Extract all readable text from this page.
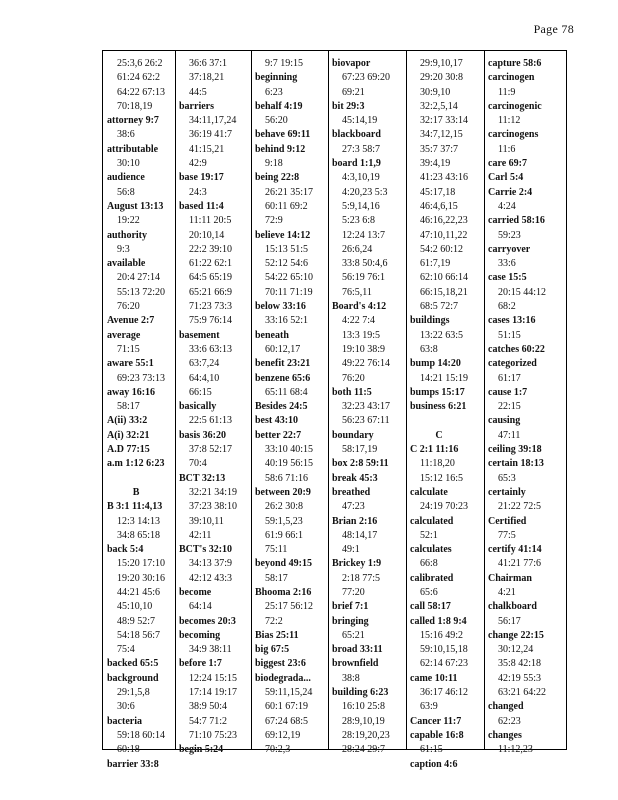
Page 78
25:3,6 26:2
61:24 62:2
64:22 67:13
70:18,19
attorney 9:7
38:6
attributable
30:10
audience
56:8
August 13:13
19:22
authority
9:3
available
20:4 27:14
55:13 72:20
76:20
Avenue 2:7
average
71:15
aware 55:1
69:23 73:13
away 16:16
58:17
A(ii) 33:2
A(i) 32:21
A.D 77:15
a.m 1:12 6:23
B
B 3:1 11:4,13
12:3 14:13
34:8 65:18
back 5:4
15:20 17:10
19:20 30:16
44:21 45:6
45:10,10
48:9 52:7
54:18 56:7
75:4
backed 65:5
background
29:1,5,8
30:6
bacteria
59:18 60:14
60:18
barrier 33:8
36:6 37:1
37:18,21
44:5
barriers
34:11,17,24
36:19 41:7
41:15,21
42:9
base 19:17
24:3
based 11:4
11:11 20:5
20:10,14
22:2 39:10
61:22 62:1
64:5 65:19
65:21 66:9
71:23 73:3
75:9 76:14
basement
33:6 63:13
63:7,24
64:4,10
66:15
basically
22:5 61:13
basis 36:20
37:8 52:17
70:4
BCT 32:13
32:21 34:19
37:23 38:10
39:10,11
42:11
BCT's 32:10
34:13 37:9
42:12 43:3
become
64:14
becomes 20:3
becoming
34:9 38:11
before 1:7
12:24 15:15
17:14 19:17
38:9 50:4
54:7 71:2
71:10 75:23
begin 5:24
9:7 19:15
beginning
6:23
behalf 4:19
56:20
behave 69:11
behind 9:12
9:18
being 22:8
26:21 35:17
60:11 69:2
72:9
believe 14:12
15:13 51:5
52:12 54:6
54:22 65:10
70:11 71:19
below 33:16
33:16 52:1
beneath
60:12,17
benefit 23:21
benzene 65:6
65:11 68:4
Besides 24:5
best 43:10
better 22:7
33:10 40:15
40:19 56:15
58:6 71:16
between 20:9
26:2 30:8
59:1,5,23
61:9 66:1
75:11
beyond 49:15
58:17
Bhooma 2:16
25:17 56:12
72:2
Bias 25:11
big 67:5
biggest 23:6
biodegrada...
59:11,15,24
60:1 67:19
67:24 68:5
69:12,19
70:2,3
biovapor
67:23 69:20
69:21
bit 29:3
45:14,19
blackboard
27:3 58:7
board 1:1,9
4:3,10,19
4:20,23 5:3
5:9,14,16
5:23 6:8
12:24 13:7
26:6,24
33:8 50:4,6
56:19 76:1
76:5,11
Board's 4:12
4:22 7:4
13:3 19:5
19:10 38:9
49:22 76:14
76:20
both 11:5
32:23 43:17
56:23 67:11
boundary
58:17,19
box 2:8 59:11
break 45:3
breathed
47:23
Brian 2:16
48:14,17
49:1
Brickey 1:9
2:18 77:5
77:20
brief 7:1
bringing
65:21
broad 33:11
brownfield
38:8
building 6:23
16:10 25:8
28:9,10,19
28:19,20,23
28:24 29:7
29:9,10,17
29:20 30:8
30:9,10
32:2,5,14
32:17 33:14
34:7,12,15
35:7 37:7
39:4,19
41:23 43:16
45:17,18
46:4,6,15
46:16,22,23
47:10,11,22
54:2 60:12
61:7,19
62:10 66:14
66:15,18,21
68:5 72:7
buildings
13:22 63:5
63:8
bump 14:20
14:21 15:19
bumps 15:17
business 6:21
C
C 2:1 11:16
11:18,20
15:12 16:5
calculate
24:19 70:23
calculated
52:1
calculates
66:8
calibrated
65:6
call 58:17
called 1:8 9:4
15:16 49:2
59:10,15,18
62:14 67:23
came 10:11
36:17 46:12
63:9
Cancer 11:7
capable 16:8
61:15
caption 4:6
capture 58:6
carcinogen
11:9
carcinogenic
11:12
carcinogens
11:6
care 69:7
Carl 5:4
Carrie 2:4
4:24
carried 58:16
59:23
carryover
33:6
case 15:5
20:15 44:12
68:2
cases 13:16
51:15
catches 60:22
categorized
61:17
cause 1:7
22:15
causing
47:11
ceiling 39:18
certain 18:13
65:3
certainly
21:22 72:5
Certified
77:5
certify 41:14
41:21 77:6
Chairman
4:21
chalkboard
56:17
change 22:15
30:12,24
35:8 42:18
42:19 55:3
63:21 64:22
changed
62:23
changes
11:12,23
